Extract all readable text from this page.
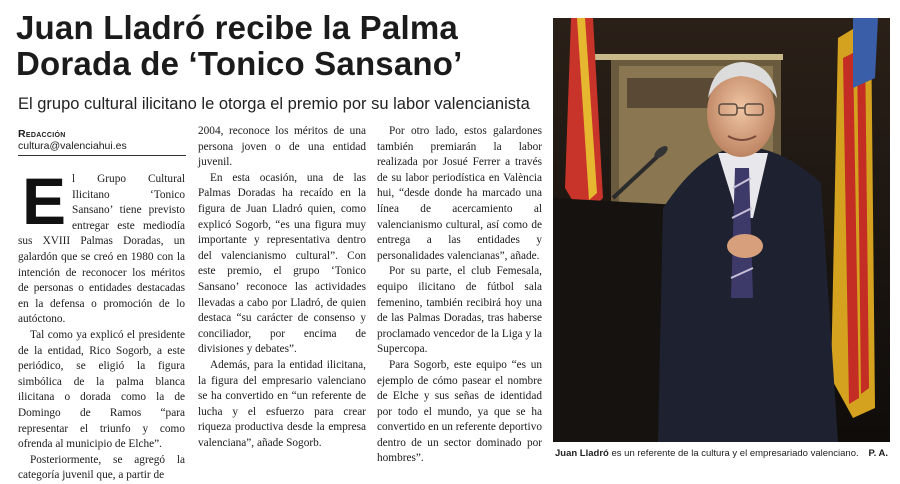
Juan Lladró recibe la Palma
Dorada de ‘Tonico Sansano’
El grupo cultural ilicitano le otorga el premio por su labor valencianista
Redacción
cultura@valenciahui.es

El Grupo Cultural Ilicitano ‘Tonico Sansano’ tiene previsto entregar este mediodía sus XVIII Palmas Doradas, un galardón que se creó en 1980 con la intención de reconocer los méritos de personas o entidades destacadas en la defensa o promoción de lo autóctono.

Tal como ya explicó el presidente de la entidad, Rico Sogorb, a este periódico, se eligió la figura simbólica de la palma blanca ilicitana o dorada como la de Domingo de Ramos “para representar el triunfo y como ofrenda al municipio de Elche”.

Posteriormente, se agregó la categoría juvenil que, a partir de

2004, reconoce los méritos de una persona joven o de una entidad juvenil.

En esta ocasión, una de las Palmas Doradas ha recaído en la figura de Juan Lladró quien, como explicó Sogorb, “es una figura muy importante y representativa dentro del valencianismo cultural”. Con este premio, el grupo ‘Tonico Sansano’ reconoce las actividades llevadas a cabo por Lladró, de quien destaca “su carácter de consenso y conciliador, por encima de divisiones y debates”.

Además, para la entidad ilicitana, la figura del empresario valenciano se ha convertido en “un referente de lucha y el esfuerzo para crear riqueza productiva desde la empresa valenciana”, añade Sogorb.

Por otro lado, estos galardones también premiarán la labor realizada por Josué Ferrer a través de su labor periodística en València hui, “desde donde ha marcado una línea de acercamiento al valencianismo cultural, así como de entrega a las entidades y personalidades valencianas”, añade.

Por su parte, el club Femesala, equipo ilicitano de fútbol sala femenino, también recibirá hoy una de las Palmas Doradas, tras haberse proclamado vencedor de la Liga y la Supercopa.

Para Sogorb, este equipo “es un ejemplo de cómo pasear el nombre de Elche y sus señas de identidad por todo el mundo, ya que se ha convertido en un referente deportivo dentro de un sector dominado por hombres”.	Juan Lladró es un referente de la cultura y el empresariado valenciano.	P. A.
